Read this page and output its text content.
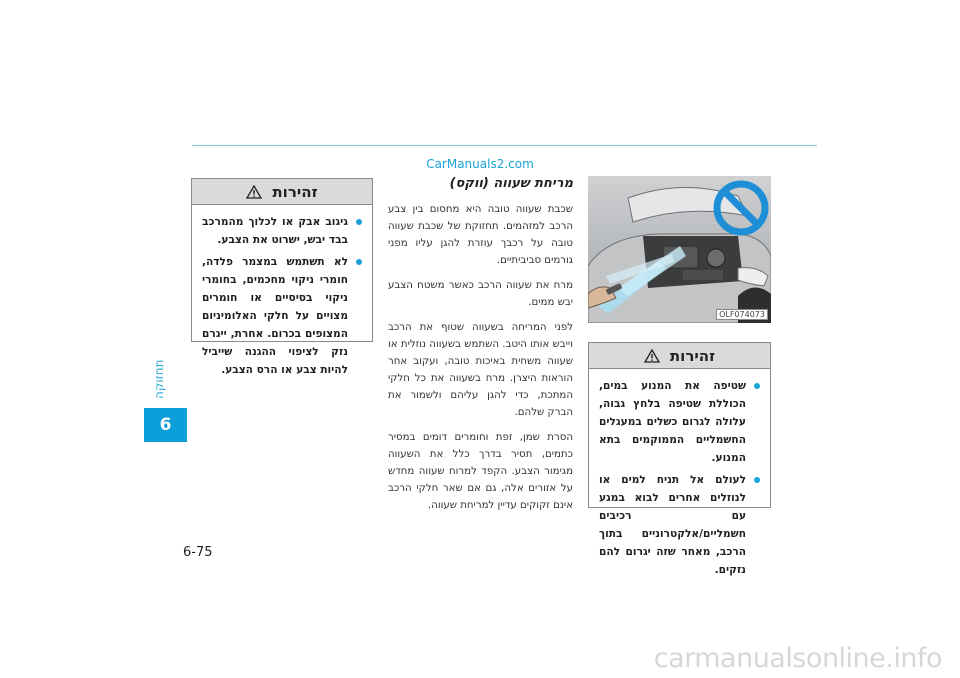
CarManuals2.com
תחזוקה
6
6-75
זהירות
גיגוב אבק או לכלוך מהמרכב בבד יבש, ישרוט את הצבע.
לא תשתמש במצמר פלדה, חומרי ניקוי מחכמים, בחומרי ניקוי בסיסיים או חומרים מצויים על חלקי האלומיניום המצופים בכרום. אחרת, ייגרם נזק לציפוי ההגנה שייביל להיות צבע או הרס הצבע.
מריחת שעווה (ווקס)

שכבת שעווה טובה היא מחסום בין צבע הרכב למזהמים. תחזוקת של שכבת שעווה טובה על רכבך עוזרת להגן עליו מפני גורמים סביביתיים.

מרח את שעווה הרכב כאשר משטח הצבע יבש ממים.

לפני המריחה בשעווה שטוף את הרכב וייבש אותו היטב. השתמש בשעווה נוזלית או שעווה משחית באיכות טובה, ועקוב אחר הוראות היצרן. מרח בשעווה את כל חלקי המתכת, כדי להגן עליהם ולשמור את הברק שלהם.

הסרת שמן, זפת וחומרים דומים במסיר כתמים, תסיר בדרך כלל את השעווה מגימור הצבע. הקפד למרוח שעווה מחדש על אזורים אלה, גם אם שאר חלקי הרכב אינם זקוקים עדיין למריחת שעווה.

OLF074073
זהירות
שטיפה את המנוע במים, הכוללת שטיפה בלחץ גבוה, עלולה לגרום כשלים במעגלים החשמליים הממוקמים בתא המנוע.
לעולם אל תניח למים או לנוזלים אחרים לבוא במגע עם רכיבים חשמליים/אלקטרוניים בתוך הרכב, מאחר שזה יגרום להם נזקים.
carmanualsonline.info
